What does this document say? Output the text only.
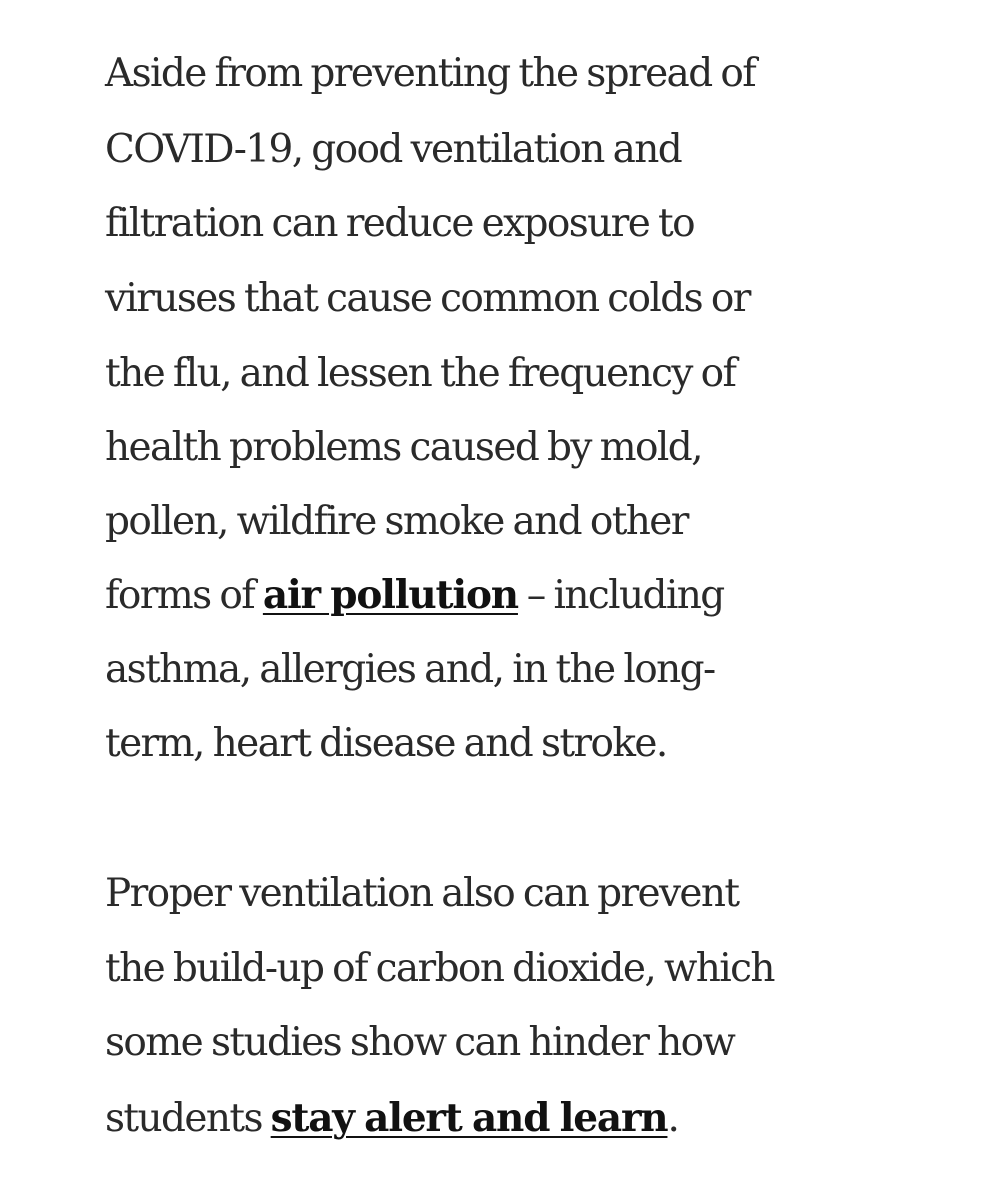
Aside from preventing the spread of
COVID-19, good ventilation and
filtration can reduce exposure to
viruses that cause common colds or
the flu, and lessen the frequency of
health problems caused by mold,
pollen, wildfire smoke and other
forms of air pollution – including
asthma, allergies and, in the long-
term, heart disease and stroke.
Proper ventilation also can prevent
the build-up of carbon dioxide, which
some studies show can hinder how
students stay alert and learn.
